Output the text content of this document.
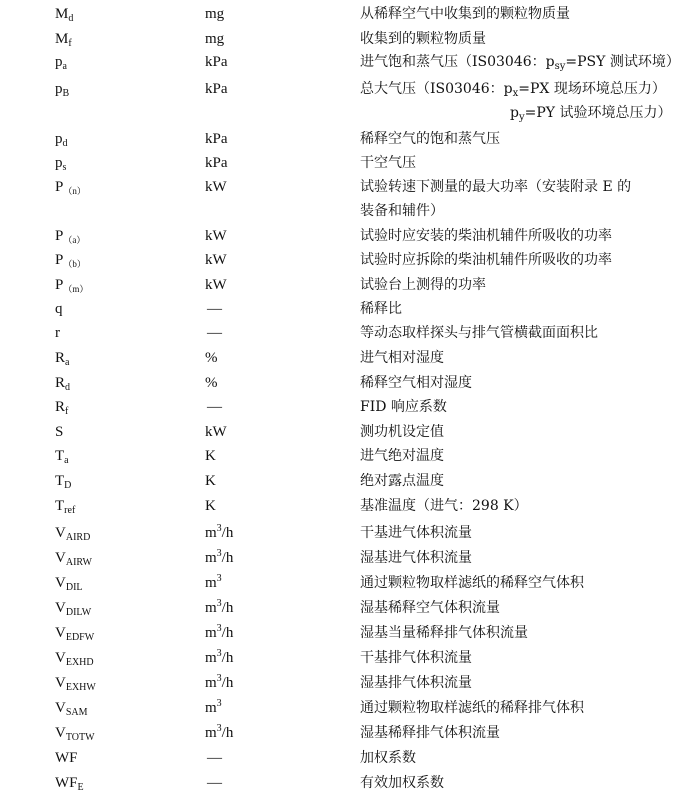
$M_d$	mg	从稀释空气中收集到的颗粒物质量
$M_f$	mg	收集到的颗粒物质量
$p_a$	kPa	进气饱和蒸气压（IS03046：$p_{sy}=PSY$ 测试环境）
$p_B$	kPa	总大气压（IS03046：$p_x=PX$ 现场环境总压力）
$p_y=PY$ 试验环境总压力）
$p_d$	kPa	稀释空气的饱和蒸气压
$p_s$	kPa	干空气压
$P_{(n)}$	kW	试验转速下测量的最大功率（安装附录 E 的
装备和辅件）
$P_{(a)}$	kW	试验时应安装的柴油机辅件所吸收的功率
$P_{(b)}$	kW	试验时应拆除的柴油机辅件所吸收的功率
$P_{(m)}$	kW	试验台上测得的功率
q	—	稀释比
r	—	等动态取样探头与排气管横截面面积比
$R_a$	%	进气相对湿度
$R_d$	%	稀释空气相对湿度
$R_f$	—	FID 响应系数
S	kW	测功机设定值
$T_a$	K	进气绝对温度
$T_D$	K	绝对露点温度
$T_{ref}$	K	基准温度（进气：298 K）
$V_{AIRD}$	$m^3/h$	干基进气体积流量
$V_{AIRW}$	$m^3/h$	湿基进气体积流量
$V_{DIL}$	$m^3$	通过颗粒物取样滤纸的稀释空气体积
$V_{DILW}$	$m^3/h$	湿基稀释空气体积流量
$V_{EDFW}$	$m^3/h$	湿基当量稀释排气体积流量
$V_{EXHD}$	$m^3/h$	干基排气体积流量
$V_{EXHW}$	$m^3/h$	湿基排气体积流量
$V_{SAM}$	$m^3$	通过颗粒物取样滤纸的稀释排气体积
$V_{TOTW}$	$m^3/h$	湿基稀释排气体积流量
WF	—	加权系数
$WF_E$	—	有效加权系数
